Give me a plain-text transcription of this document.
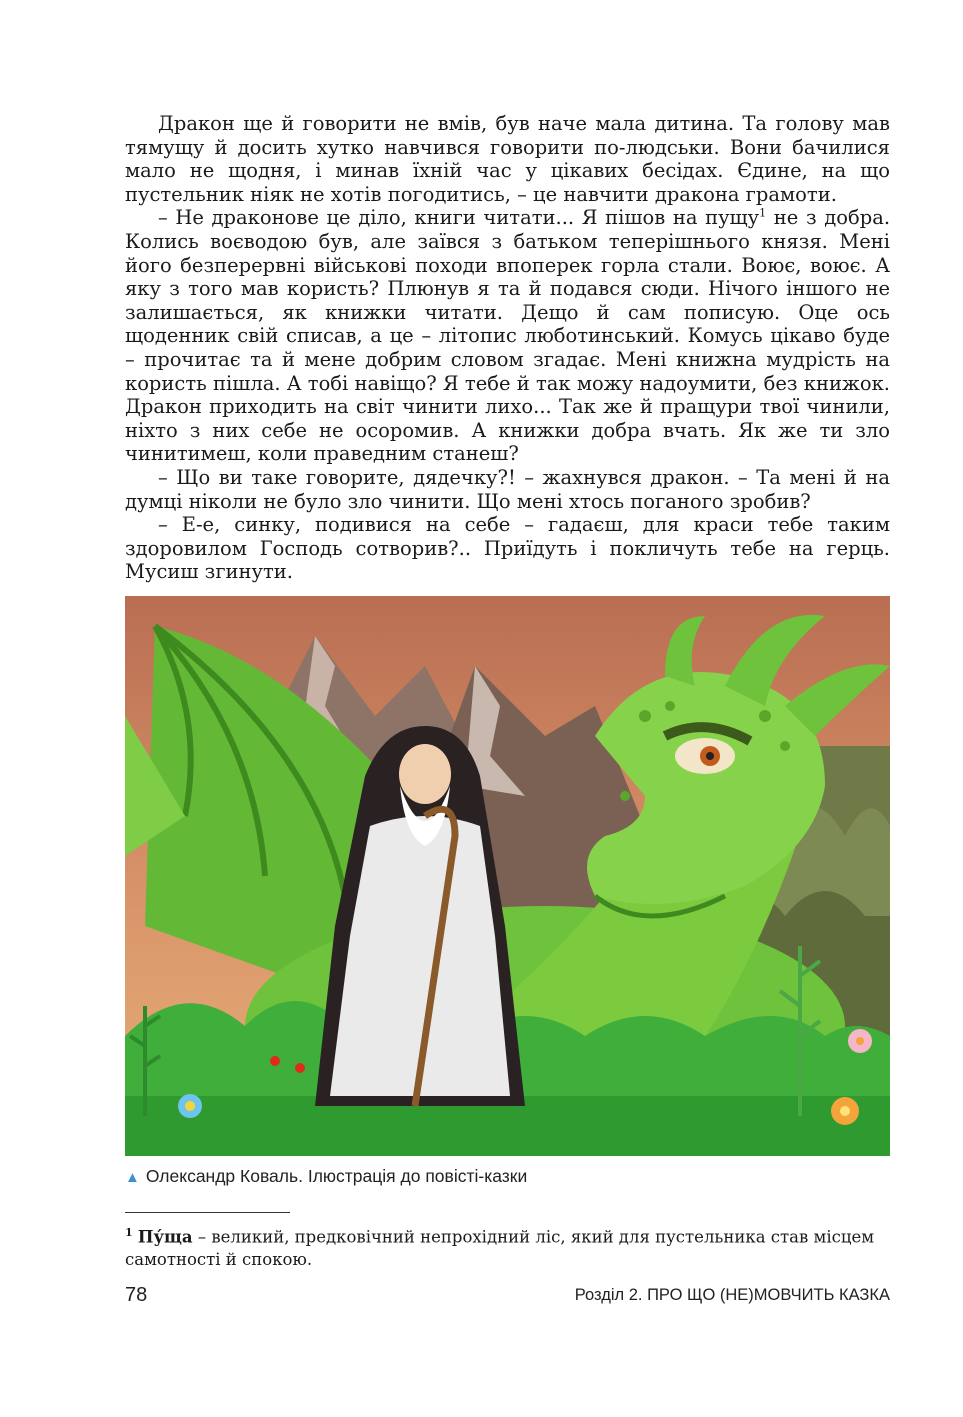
Дракон ще й говорити не вмів, був наче мала дитина. Та голову мав тямущу й досить хутко навчився говорити по-людськи. Вони бачилися мало не щодня, і минав їхній час у цікавих бесідах. Єдине, на що пустельник ніяк не хотів погодитись, – це навчити дракона грамоти.

– Не драконове це діло, книги читати... Я пішов на пущу$^1$ не з добра. Колись воєводою був, але заївся з батьком теперішнього князя. Мені його безперервні військові походи впоперек горла стали. Воює, воює. А яку з того мав користь? Плюнув я та й подався сюди. Нічого іншого не залишається, як книжки читати. Дещо й сам пописую. Оце ось щоденник свій списав, а це – літопис люботинський. Комусь цікаво буде – прочитає та й мене добрим словом згадає. Мені книжна мудрість на користь пішла. А тобі навіщо? Я тебе й так можу надоумити, без книжок. Дракон приходить на світ чинити лихо... Так же й пращури твої чинили, ніхто з них себе не осоромив. А книжки добра вчать. Як же ти зло чинитимеш, коли праведним станеш?

– Що ви таке говорите, дядечку?! – жахнувся дракон. – Та мені й на думці ніколи не було зло чинити. Що мені хтось поганого зробив?

– Е-е, синку, подивися на себе – гадаєш, для краси тебе таким здоровилом Господь сотворив?.. Приїдуть і покличуть тебе на герць. Мусиш згинути.

▲ Олександр Коваль. Ілюстрація до повісті-казки
$^1$ Пу́ща – великий, предковічний непрохідний ліс, який для пустельника став місцем самотності й спокою.
78	Розділ 2. ПРО ЩО (НЕ)МОВЧИТЬ КАЗКА
